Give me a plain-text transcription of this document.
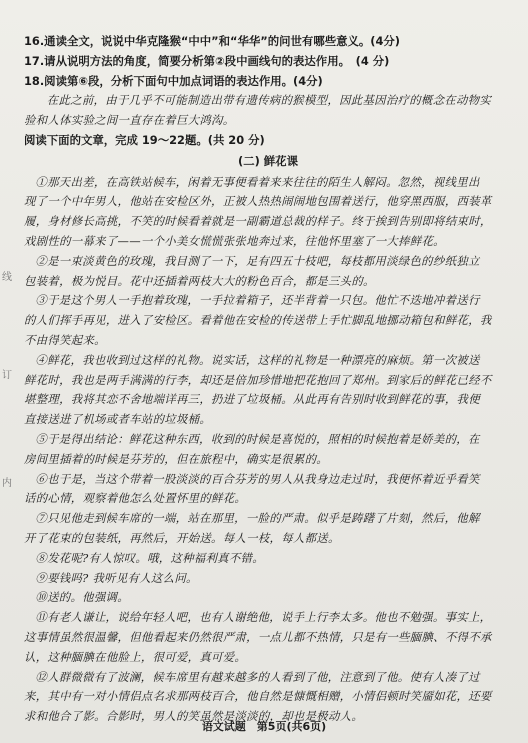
线
订
内
16.通读全文，说说中华克隆猴“中中”和“华华”的问世有哪些意义。(4分)
17.请从说明方法的角度，简要分析第②段中画线句的表达作用。　(4 分)
18.阅读第⑥段，分析下面句中加点词语的表达作用。(4分)
在此之前，由于几乎不可能制造出带有遗传病的猴模型，因此基因治疗的概念在动物实
验和人体实验之间一直存在着巨大鸿沟。
阅读下面的文章，完成 19～22题。(共 20 分)
(二) 鲜花课
①那天出差，在高铁站候车，闲着无事便看着来来往往的陌生人解闷。忽然，视线里出
现了一个中年男人，他站在安检区外，正被人热热闹闹地包围着送行，他穿黑西服，西装革
履，身材修长高挑，不笑的时候看着就是一副霸道总裁的样子。终于挨到告别即将结束时，
戏剧性的一幕来了——一个小美女慌慌张张地奔过来，往他怀里塞了一大捧鲜花。
②是一束淡黄色的玫瑰，我目测了一下，足有四五十枝吧，每枝都用淡绿色的纱纸独立
包装着，极为悦目。花中还插着两枝大大的粉色百合，都是三头的。
③于是这个男人一手抱着玫瑰，一手拉着箱子，还半背着一只包。他忙不迭地冲着送行
的人们挥手再见，进入了安检区。看着他在安检的传送带上手忙脚乱地挪动箱包和鲜花，我
不由得笑起来。
④鲜花，我也收到过这样的礼物。说实话，这样的礼物是一种漂亮的麻烦。第一次被送
鲜花时，我也是两手满满的行李，却还是倍加珍惜地把花抱回了郑州。到家后的鲜花已经不
堪整理，我将其恋不舍地端详再三，扔进了垃圾桶。从此再有告别时收到鲜花的事，我便
直接送进了机场或者车站的垃圾桶。
⑤于是得出结论：鲜花这种东西，收到的时候是喜悦的，照相的时候抱着是娇美的，在
房间里插着的时候是芬芳的，但在旅程中，确实是很累的。
⑥也于是，当这个带着一股淡淡的百合芬芳的男人从我身边走过时，我便怀着近乎看笑
话的心情，观察着他怎么处置怀里的鲜花。
⑦只见他走到候车席的一端，站在那里，一脸的严肃。似乎是踌躇了片刻，然后，他解
开了花束的包装纸，再然后，开始送。每人一枝，每人都送。
⑧发花呢?有人惊叹。哦，这种福利真不错。
⑨要钱吗? 我听见有人这么问。
⑩送的。他强调。
⑪有老人谦让，说给年轻人吧，也有人谢绝他，说手上行李太多。他也不勉强。事实上，
这事情虽然很温馨，但他看起来仍然很严肃，一点儿都不热情，只是有一些腼腆、不得不承
认，这种腼腆在他脸上，很可爱，真可爱。
⑫人群微微有了波澜，候车席里有越来越多的人看到了他，注意到了他。使有人凑了过
来，其中有一对小情侣点名求那两枝百合，他自然是慷慨相赠，小情侣顿时笑靥如花，还要
求和他合了影。合影时，男人的笑虽然是淡淡的，却也是极动人。
语文试题　第5页(共6页)
